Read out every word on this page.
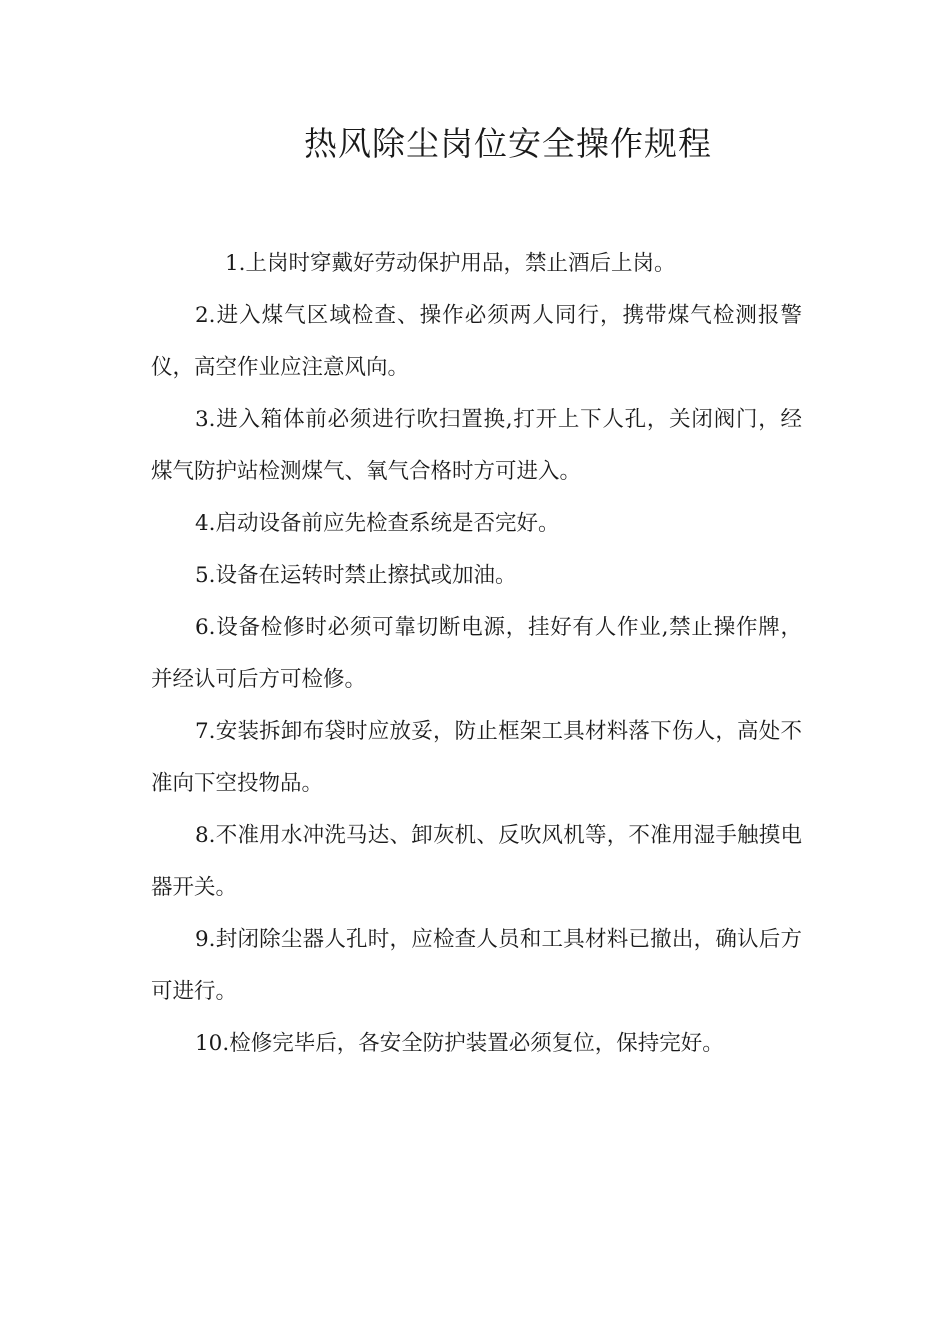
热风除尘岗位安全操作规程

1.上岗时穿戴好劳动保护用品，禁止酒后上岗。

2.进入煤气区域检查、操作必须两人同行，携带煤气检测报警仪，高空作业应注意风向。

3.进入箱体前必须进行吹扫置换,打开上下人孔，关闭阀门，经煤气防护站检测煤气、氧气合格时方可进入。

4.启动设备前应先检查系统是否完好。

5.设备在运转时禁止擦拭或加油。

6.设备检修时必须可靠切断电源，挂好有人作业,禁止操作牌，并经认可后方可检修。

7.安装拆卸布袋时应放妥，防止框架工具材料落下伤人，高处不准向下空投物品。

8.不准用水冲洗马达、卸灰机、反吹风机等，不准用湿手触摸电器开关。

9.封闭除尘器人孔时，应检查人员和工具材料已撤出，确认后方可进行。

10.检修完毕后，各安全防护装置必须复位，保持完好。
